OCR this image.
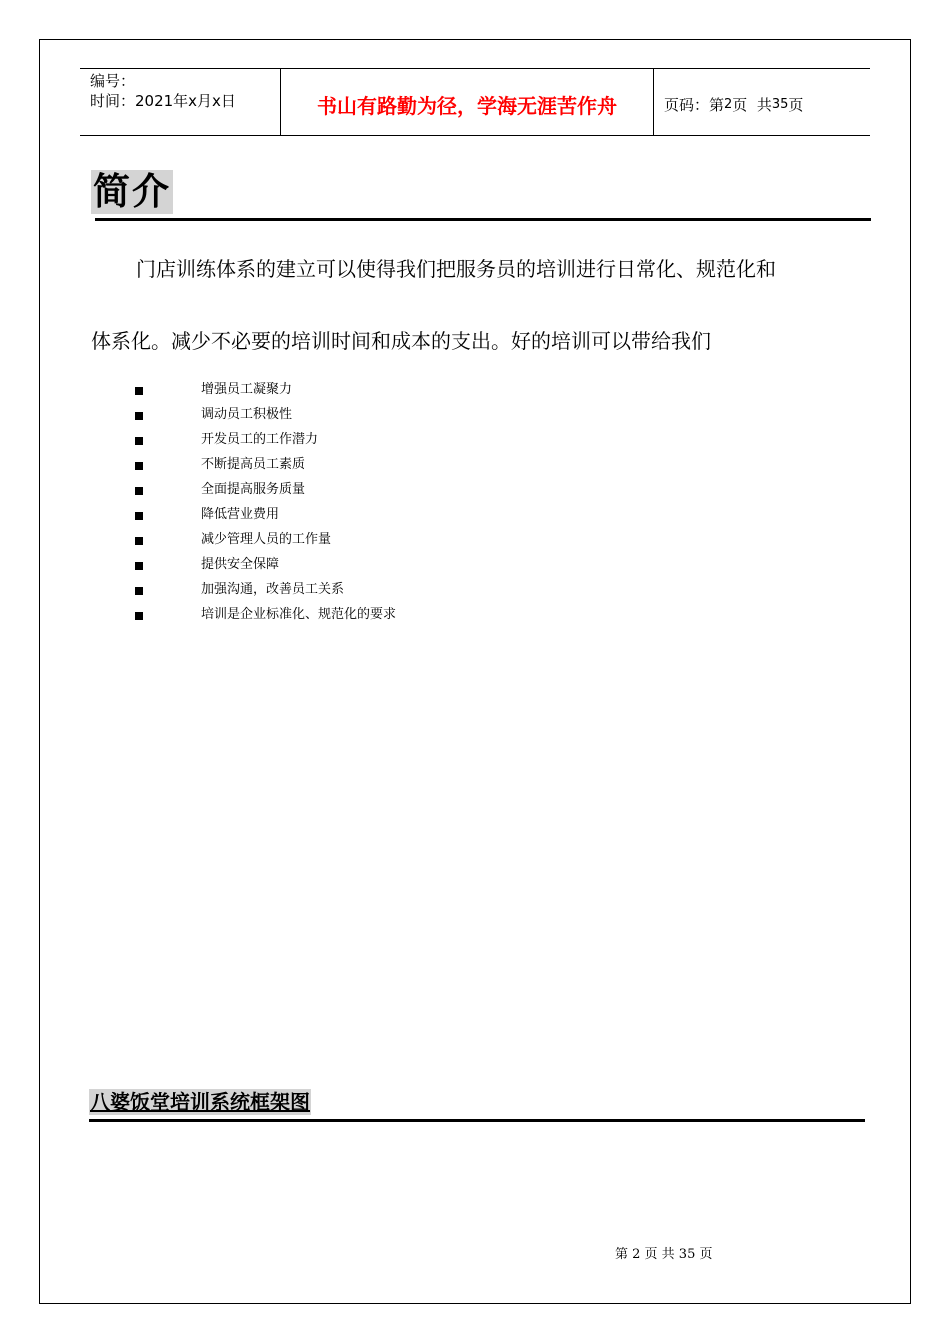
编号：
时间：2021年x月x日	书山有路勤为径，学海无涯苦作舟	页码：第 2 页  共 35 页
简介
门店训练体系的建立可以使得我们把服务员的培训进行日常化、规范化和
体系化。减少不必要的培训时间和成本的支出。好的培训可以带给我们
增强员工凝聚力
调动员工积极性
开发员工的工作潜力
不断提高员工素质
全面提高服务质量
降低营业费用
减少管理人员的工作量
提供安全保障
加强沟通，改善员工关系
培训是企业标准化、规范化的要求
八婆饭堂培训系统框架图
第 2 页 共 35 页
